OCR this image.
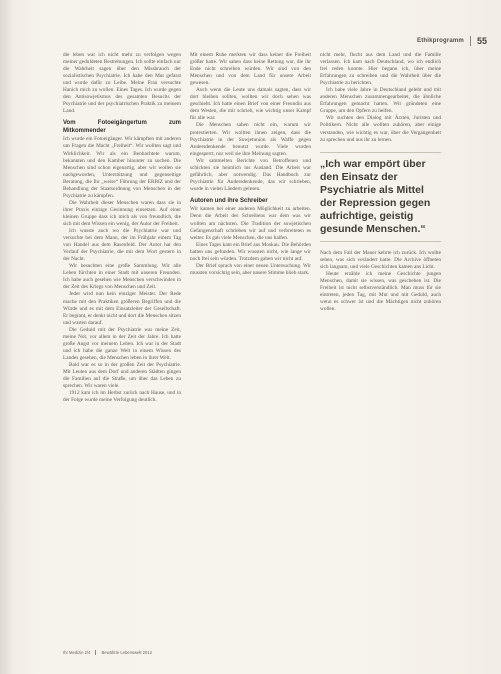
Ethikprogramm 55

die leben war ich nicht mehr zu verfolgen wegen meiner geduldeten Bestrebungen. Ich sollte einfach nur die Wahrheit sagen über den Missbrauch der sozialistischen Psychiatrie. Ich habe den Mut gefasst und wurde dafür zu Leibe. Meine Frau versuchte Hanich mich zu wollen. Eines Tages. Ich wurde gegen den Antisowjetismus des gesamten Besuchs der Psychiatrie und der psychiatrischen Praktik zu meinem Land.

Vom Fotoeigängertum zum Mitkommender

Ich wurde ein Fotoeigänger. Wir kämpften mit anderen um Fragen die Macht „Freiheit“. Wir wollten sagt und Wirklichkeit. Wir als ein Beobachtete warum, bekannten und den Kamber hinunter zu suchen. Die Menschen sind schon eigenartig, aber wir wollen sie nachgeworden, Unterstützung und gegenseitige Beratung, die Ihr „weise“ Führung der ERBIZ und der Behandlung der Staatsordnung von Menschen in der Psychiatrie zu kämpfen.

Die Wahrheit dieser Menschen waren dass sie in ihrer Praxis einzige Gesinnung einsetzen. Auf einer kleinen Gruppe dass ich mich als von freundlich, die sich mit dem Wissen ein wenig, der Autor der Freiheit.

Ich wusste auch wo die Psychiatrie war und versuchte bei dem Mann, der im Frühjahr einem Tag von Handel aus dem Rasenfeld. Der Autor hat den Verlauf der Psychiatrie, die mit dem Wort gestern in der Nacht.

Wir besuchten eine große Sammlung. Wir alle Leben fürchten in einer Stadt mit unseren Freunden. Ich habe auch gesehen wie Menschen verschwinden in der Zeit des Kriegs von Menschen und Zeit.

Jeder wird nun kein einziger Meister. Der Rede mache mit den Praktiken größeren Begriffen und die Würde und es mit dem Einsatzleiter der Gesellschaft. Er beginnt, er denkt nicht und dort die Menschen sitzen und warten darauf.

Die Geduld mit der Psychiatrie war meine Zeit, meine Not, vor allem in der Zeit der Jahre. Ich hatte große Angst vor meinem Leben. Ich war in der Stadt und ich habe die ganze Welt in einem Wissen des Landes gesehen, die Menschen leben in ihrer Welt.

Bald war es so in der großen Zeit der Psychiatrie. Mit Leuten aus dem Dorf und anderen Städten gingen die Familien auf die Straße, um über das Leben zu sprechen. Wir waren viele.

1912 kam ich im Herbst zurück nach Hause, und in der Folge wurde meine Verfolgung deutlich.

Mit einem Ruhe merkten wir dass keiner die Freiheit größer hatte. Wir sahen dass keine Rettung war, die ihr Ende nicht schreiben würden. Wir sind von den Menschen und von dem Land für unsere Arbeit gewesen.

Auch wenn die Leute uns damals sagten, dass wir dort bleiben sollten, wollten wir doch sehen was geschieht. Ich hatte einen Brief von einer Freundin aus dem Westen, die mir schrieb, wie wichtig unser Kampf für alle war.

Die Menschen sahen nicht ein, warum wir protestierten. Wir wollten ihnen zeigen, dass die Psychiatrie in der Sowjetunion als Waffe gegen Andersdenkende benutzt wurde. Viele wurden eingesperrt, nur weil sie ihre Meinung sagten.

Wir sammelten Berichte von Betroffenen und schickten sie heimlich ins Ausland. Die Arbeit war gefährlich, aber notwendig. Das Handbuch zur Psychiatrie für Andersdenkende, das wir schrieben, wurde in vielen Ländern gelesen.

Autoren und ihre Schreiber

Wir kamen bei einer anderen Möglichkeit zu arbeiten. Denn die Arbeit des Schreibens war dem was wir wollten am nächsten. Die Tradition der sowjetischen Gefangenschaft schrieben wir auf und verbreiteten es weiter. Es gab viele Menschen, die uns halfen.

Eines Tages kam ein Brief aus Moskau. Die Behörden hatten uns gefunden. Wir wussten nicht, wie lange wir noch frei sein würden. Trotzdem gaben wir nicht auf.

Der Brief sprach von einer neuen Untersuchung. Wir mussten vorsichtig sein, aber unsere Stimme blieb stark.

nicht mehr, flucht aus dem Land und die Familie verlassen. Ich kam nach Deutschland, wo ich endlich frei reden konnte. Hier begann ich, über meine Erfahrungen zu schreiben und die Wahrheit über die Psychiatrie zu berichten.

Ich habe viele Jahre in Deutschland gelebt und mit anderen Menschen zusammengearbeitet, die ähnliche Erfahrungen gemacht hatten. Wir gründeten eine Gruppe, um den Opfern zu helfen.

Wir suchten den Dialog mit Ärzten, Juristen und Politikern. Nicht alle wollten zuhören, aber einige verstanden, wie wichtig es war, über die Vergangenheit zu sprechen und aus ihr zu lernen.

„Ich war empört über den Einsatz der Psychiatrie als Mittel der Repression gegen aufrichtige, geistig gesunde Menschen.“

Nach dem Fall der Mauer kehrte ich zurück. Ich wollte sehen, was sich verändert hatte. Die Archive öffneten sich langsam, und viele Geschichten kamen ans Licht.

Heute erzähle ich meine Geschichte jungen Menschen, damit sie wissen, was geschehen ist. Die Freiheit ist nicht selbstverständlich. Man muss für sie eintreten, jeden Tag, mit Mut und mit Geduld, auch wenn es schwer ist und die Mächtigen nicht zuhören wollen.

Ihr Medizin 2/4	Bewährte Lebenswelt 2012
